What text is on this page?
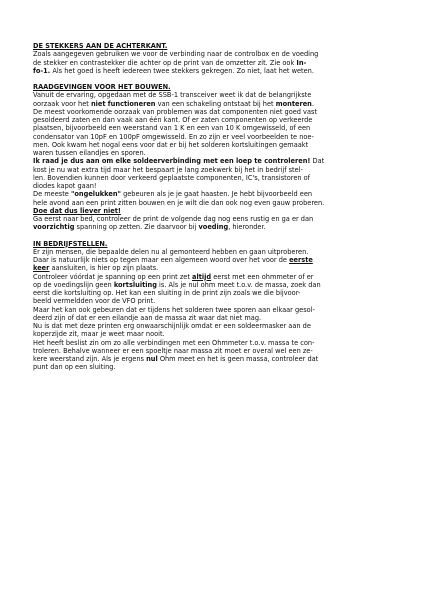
DE STEKKERS AAN DE ACHTERKANT.

Zoals aangegeven gebruiken we voor de verbinding naar de controlbox en de voeding
de stekker en contrastekker die achter op de print van de omzetter zit. Zie ook In-
fo-1. Als het goed is heeft iedereen twee stekkers gekregen. Zo niet, laat het weten.

RAADGEVINGEN VOOR HET BOUWEN.

Vanuit de ervaring, opgedaan met de SSB-1 transceiver weet ik dat de belangrijkste
oorzaak voor het niet functioneren van een schakeling ontstaat bij het monteren.
De meest voorkomende oorzaak van problemen was dat componenten niet goed vast
gesoldeerd zaten en dan vaak aan één kant. Of er zaten componenten op verkeerde
plaatsen, bijvoorbeeld een weerstand van 1 K en een van 10 K omgewisseld, of een
condensator van 10pF en 100pF omgewisseld. En zo zijn er veel voorbeelden te noe-
men. Ook kwam het nogal eens voor dat er bij het solderen kortsluitingen gemaakt
waren tussen eilandjes en sporen.
Ik raad je dus aan om elke soldeerverbinding met een loep te controleren! Dat
kost je nu wat extra tijd maar het bespaart je lang zoekwerk bij het in bedrijf stel-
len. Bovendien kunnen door verkeerd geplaatste componenten, IC's, transistoren of
diodes kapot gaan!
De meeste "ongelukken" gebeuren als je je gaat haasten. Je hebt bijvoorbeeld een
hele avond aan een print zitten bouwen en je wilt die dan ook nog even gauw proberen.
Doe dat dus liever niet!
Ga eerst naar bed, controleer de print de volgende dag nog eens rustig en ga er dan
voorzichtig spanning op zetten. Zie daarvoor bij voeding, hieronder.

IN BEDRIJFSTELLEN.

Er zijn mensen, die bepaalde delen nu al gemonteerd hebben en gaan uitproberen.
Daar is natuurlijk niets op tegen maar een algemeen woord over het voor de eerste
keer aansluiten, is hier op zijn plaats.
Controleer vóórdat je spanning op een print zet altijd eerst met een ohmmeter of er
op de voedingslijn geen kortsluiting is. Als je nul ohm meet t.o.v. de massa, zoek dan
eerst die kortsluiting op. Het kan een sluiting in de print zijn zoals we die bijvoor-
beeld vermeldden voor de VFO print.
Maar het kan ook gebeuren dat er tijdens het solderen twee sporen aan elkaar gesol-
deerd zijn of dat er een eilandje aan de massa zit waar dat niet mag.
Nu is dat met deze printen erg onwaarschijnlijk omdat er een soldeermasker aan de
koperzijde zit, maar je weet maar nooit.
Het heeft beslist zin om zo alle verbindingen met een Ohmmeter t.o.v. massa te con-
troleren. Behalve wanneer er een spoeltje naar massa zit moet er overal wel een ze-
kere weerstand zijn. Als je ergens nul Ohm meet en het is geen massa, controleer dat
punt dan op een sluiting.
